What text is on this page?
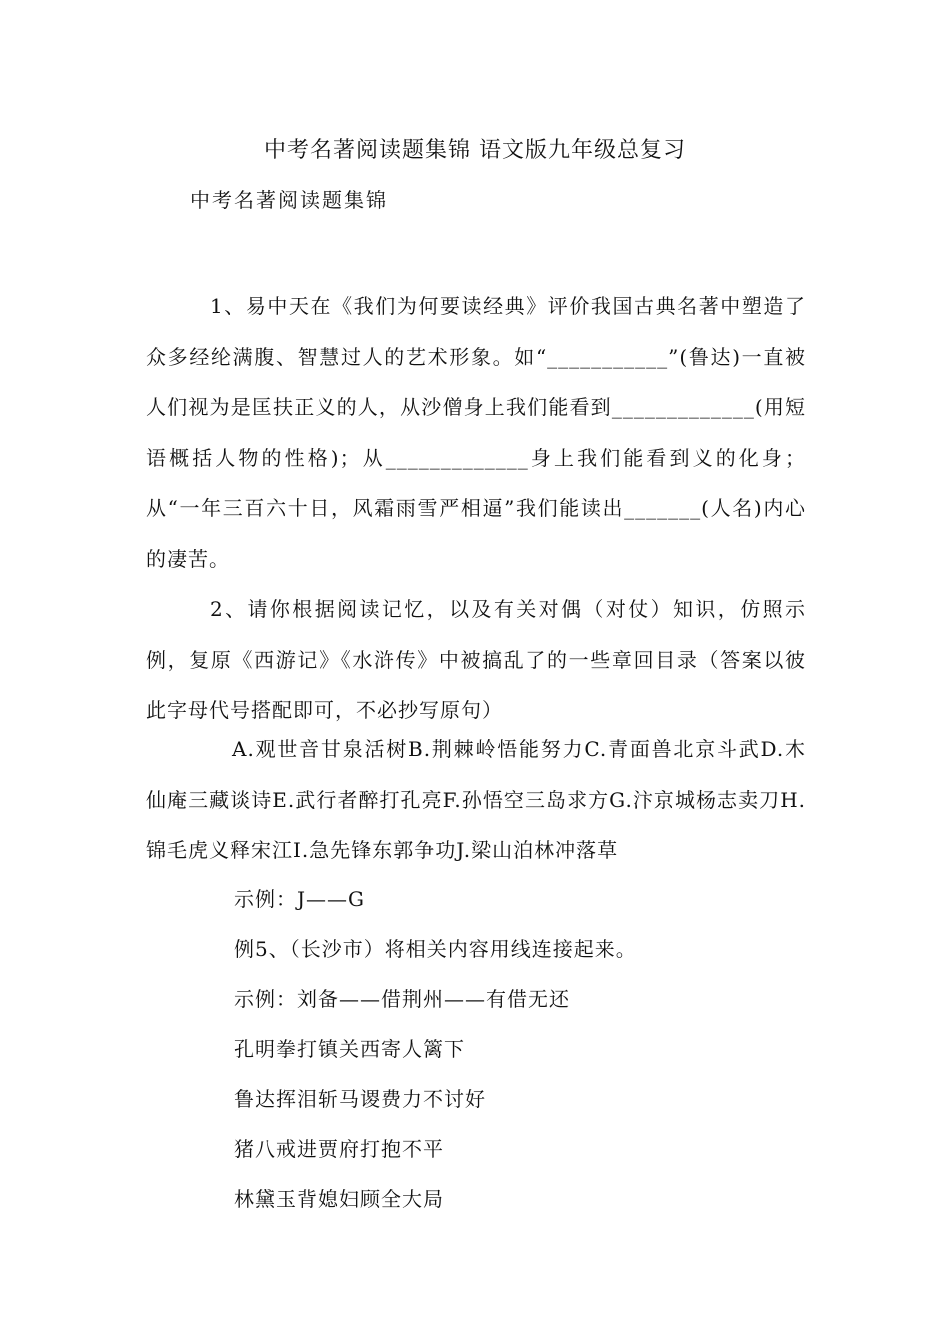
中考名著阅读题集锦 语文版九年级总复习
中考名著阅读题集锦

1、易中天在《我们为何要读经典》评价我国古典名著中塑造了众多经纶满腹、智慧过人的艺术形象。如“___________”(鲁达)一直被人们视为是匡扶正义的人，从沙僧身上我们能看到_____________(用短语概括人物的性格)；从_____________身上我们能看到义的化身；从“一年三百六十日，风霜雨雪严相逼”我们能读出_______(人名)内心的凄苦。

2、请你根据阅读记忆，以及有关对偶（对仗）知识，仿照示例，复原《西游记》《水浒传》中被搞乱了的一些章回目录（答案以彼此字母代号搭配即可，不必抄写原句）

A.观世音甘泉活树B.荆棘岭悟能努力C.青面兽北京斗武D.木仙庵三藏谈诗E.武行者醉打孔亮F.孙悟空三岛求方G.汴京城杨志卖刀H.锦毛虎义释宋江I.急先锋东郭争功J.梁山泊林冲落草

示例：J——G
例5、（长沙市）将相关内容用线连接起来。
示例：刘备——借荆州——有借无还
孔明拳打镇关西寄人篱下
鲁达挥泪斩马谡费力不讨好
猪八戒进贾府打抱不平
林黛玉背媳妇顾全大局
